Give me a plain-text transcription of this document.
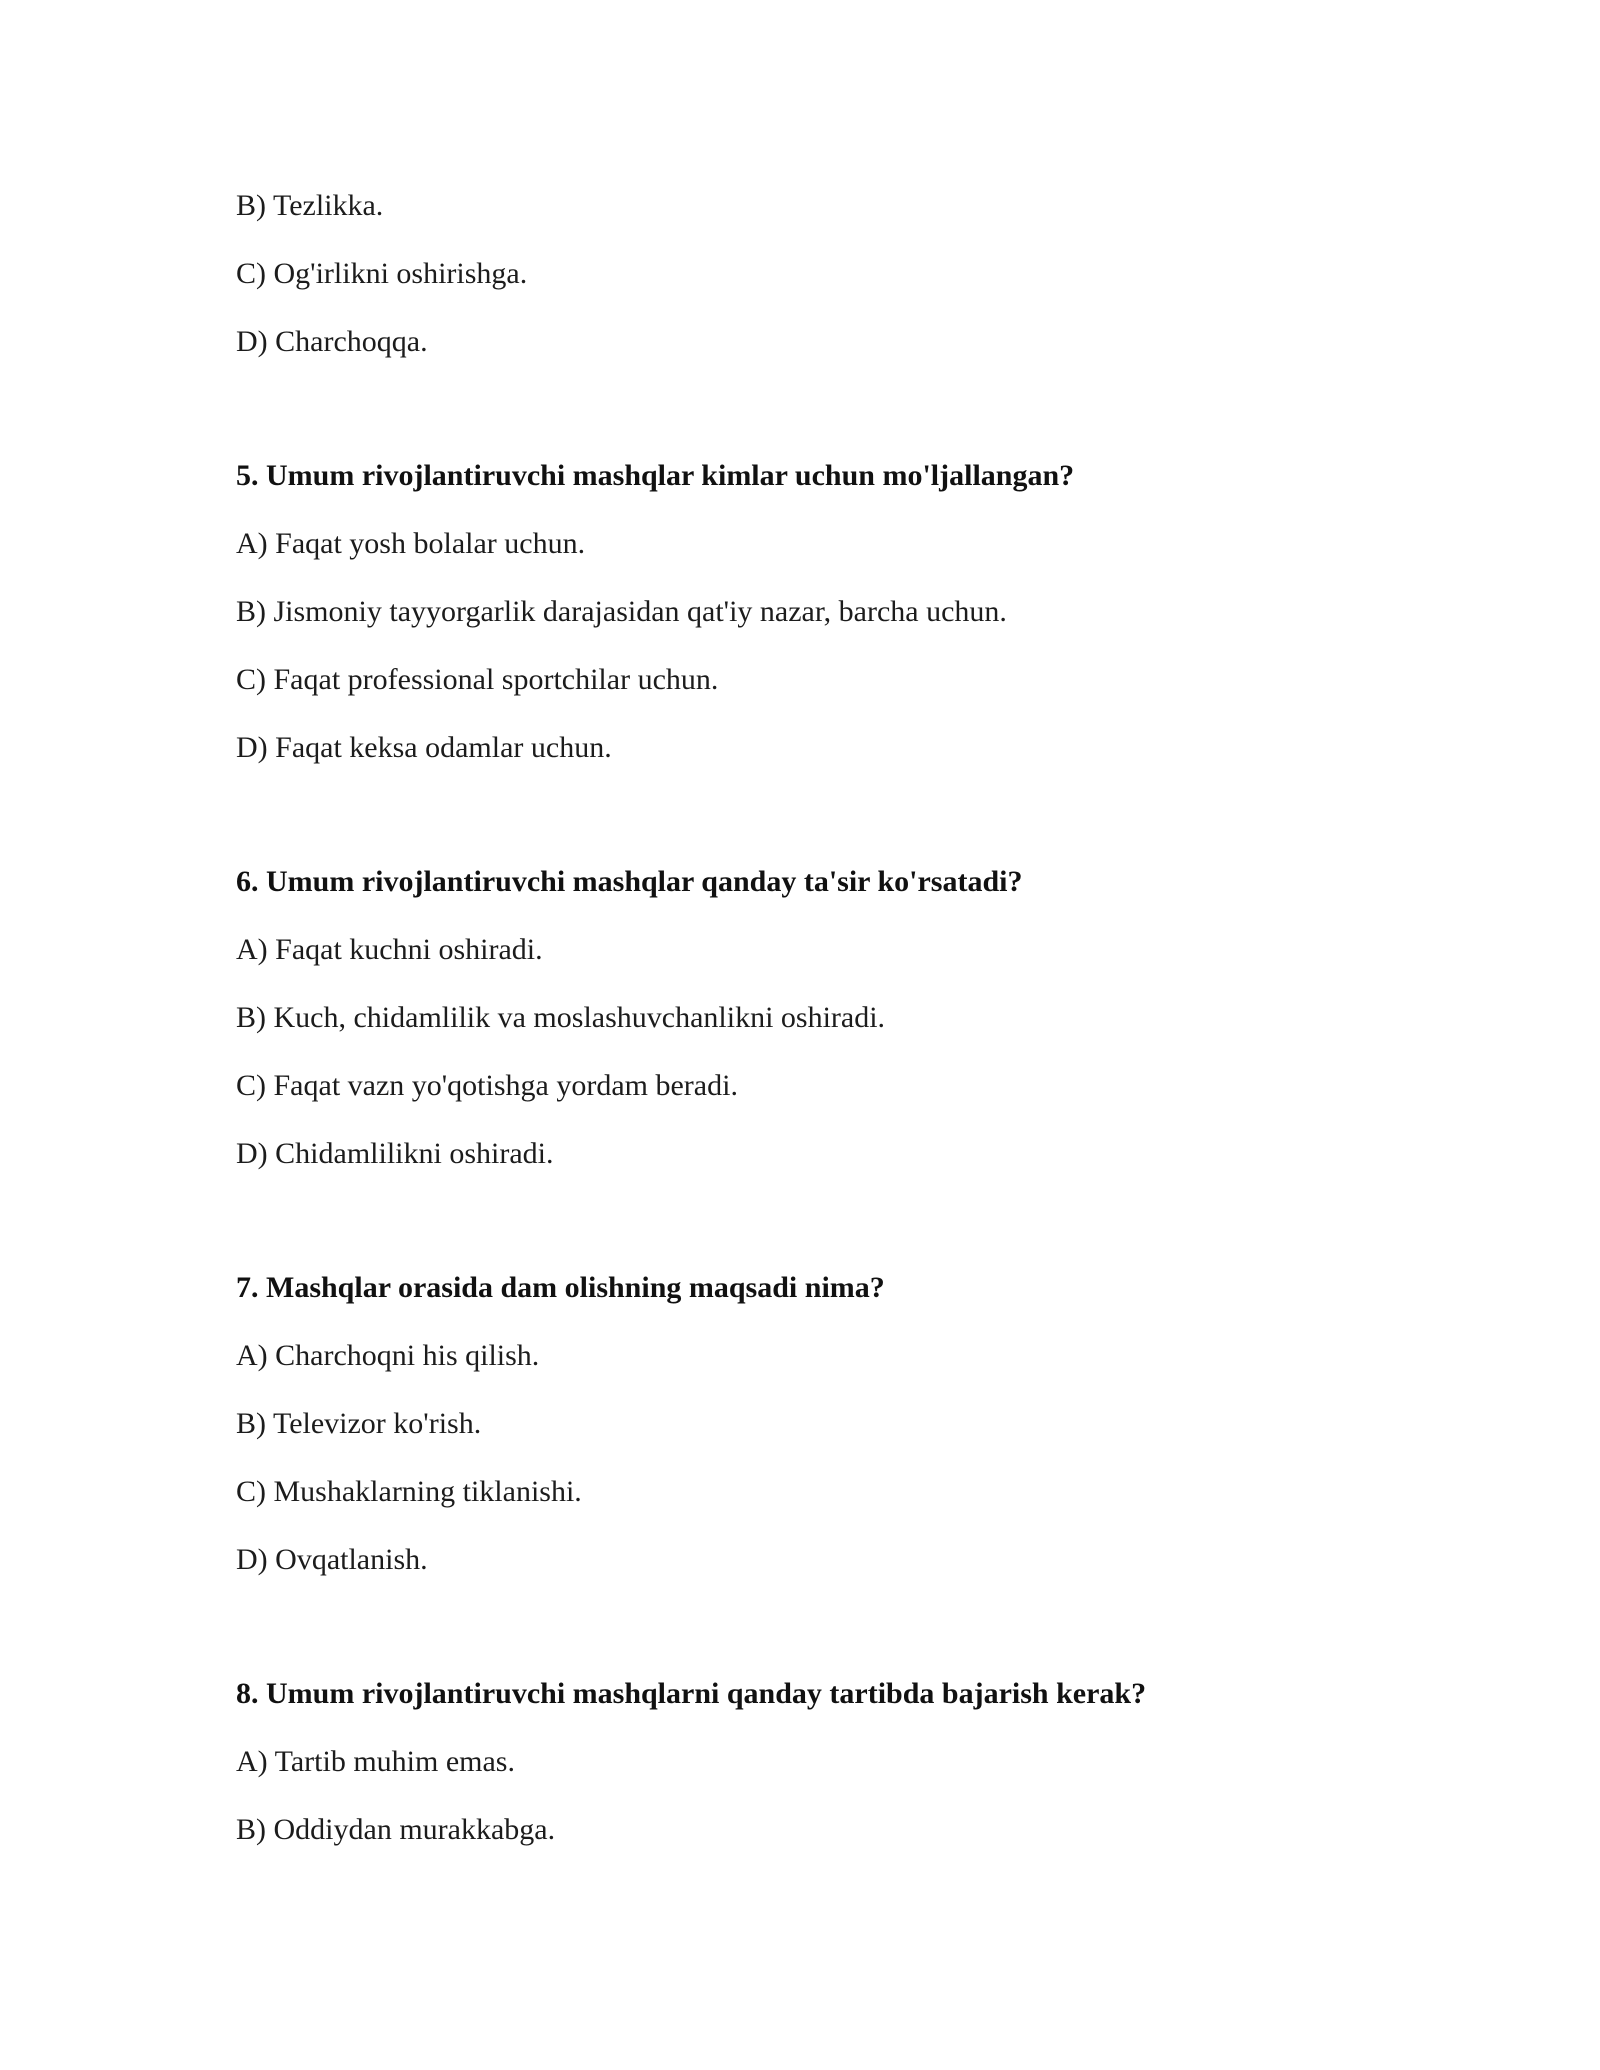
B) Tezlikka.
C) Og'irlikni oshirishga.
D) Charchoqqa.
5. Umum rivojlantiruvchi mashqlar kimlar uchun mo'ljallangan?
A) Faqat yosh bolalar uchun.
B) Jismoniy tayyorgarlik darajasidan qat'iy nazar, barcha uchun.
C) Faqat professional sportchilar uchun.
D) Faqat keksa odamlar uchun.
6. Umum rivojlantiruvchi mashqlar qanday ta'sir ko'rsatadi?
A) Faqat kuchni oshiradi.
B) Kuch, chidamlilik va moslashuvchanlikni oshiradi.
C) Faqat vazn yo'qotishga yordam beradi.
D) Chidamlilikni oshiradi.
7. Mashqlar orasida dam olishning maqsadi nima?
A) Charchoqni his qilish.
B) Televizor ko'rish.
C) Mushaklarning tiklanishi.
D) Ovqatlanish.
8. Umum rivojlantiruvchi mashqlarni qanday tartibda bajarish kerak?
A) Tartib muhim emas.
B) Oddiydan murakkabga.
